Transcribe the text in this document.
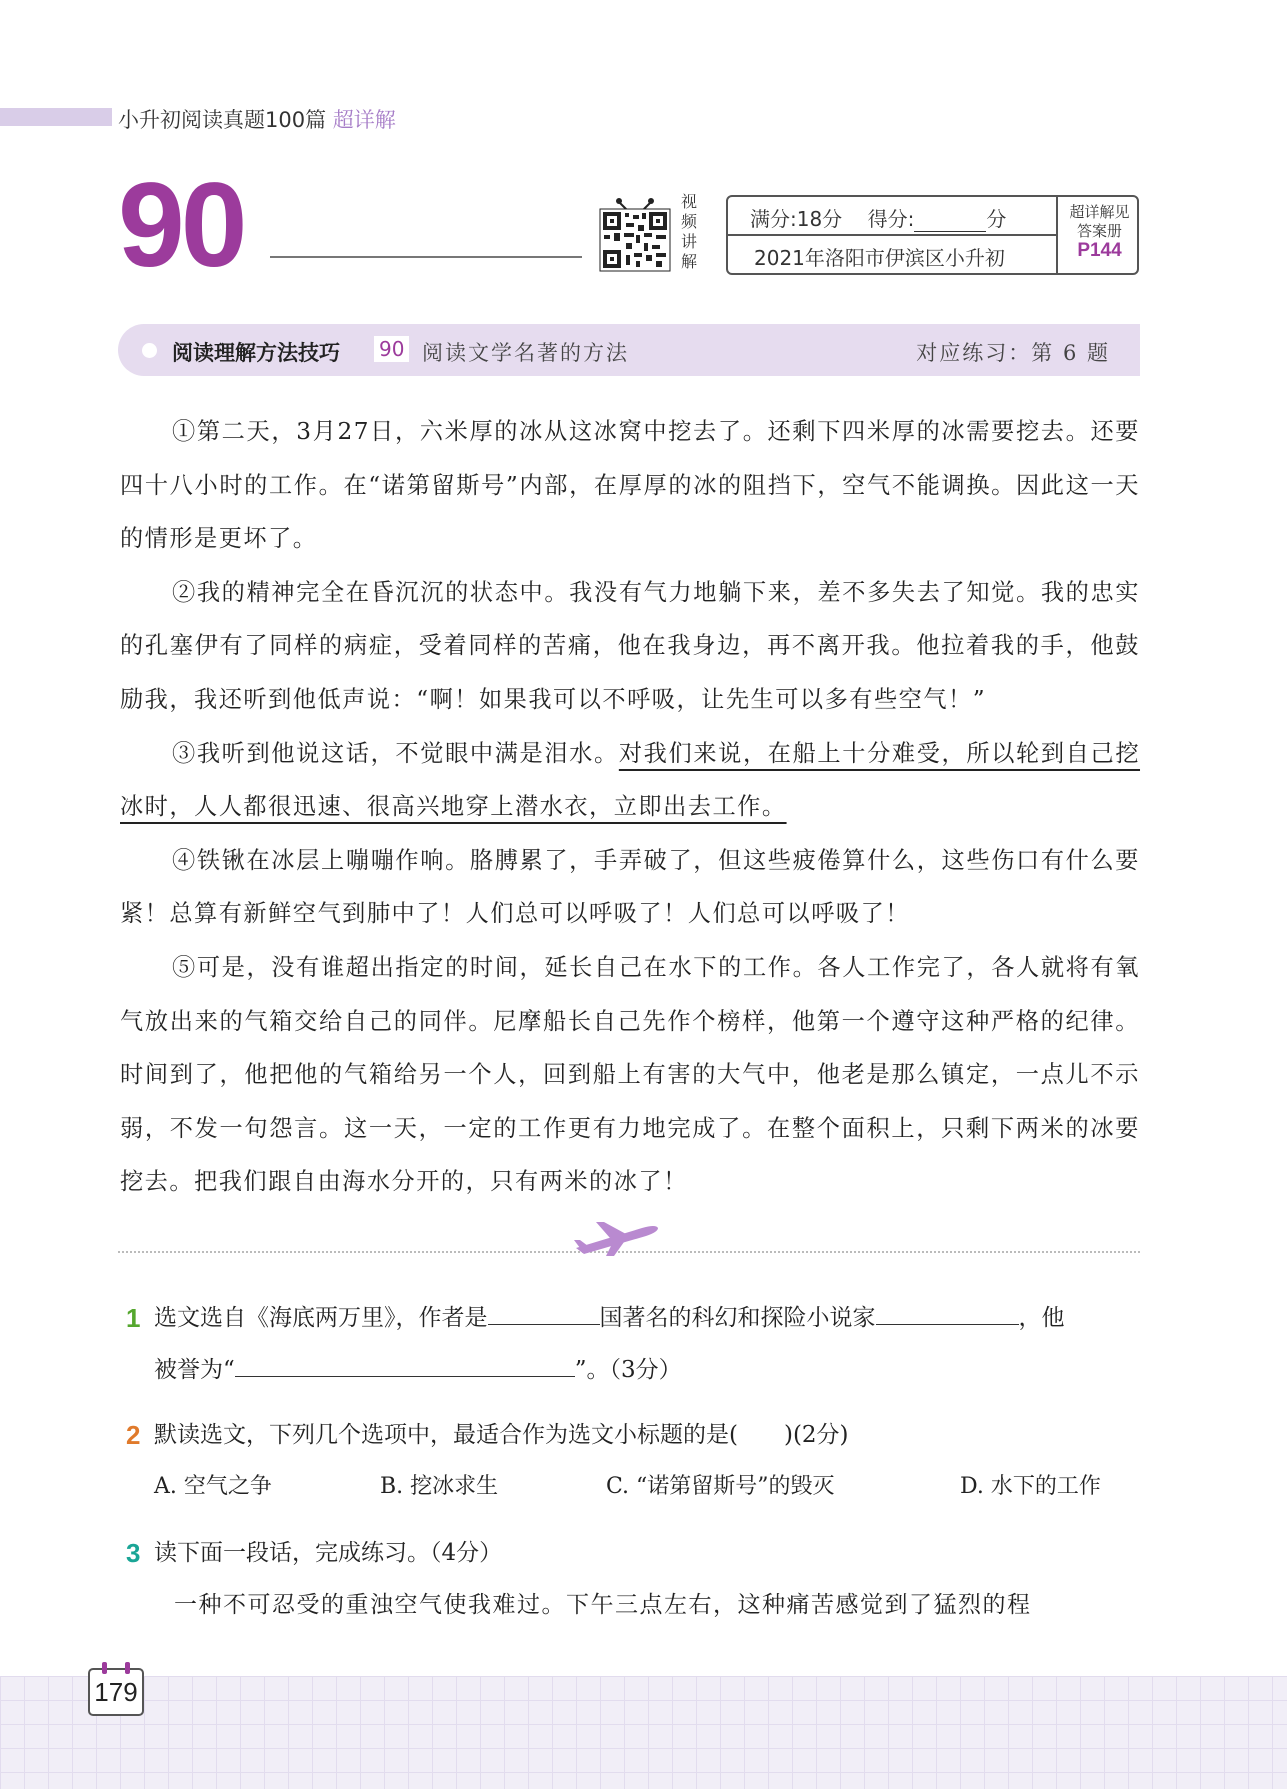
小升初阅读真题100篇 超详解
90	视
频
讲
解
满分:18分 得分:	分
2021年洛阳市伊滨区小升初
超详解见
答案册
P144
阅读理解方法技巧 90 阅读文学名著的方法	对应练习：第 6 题

①第二天，3月27日，六米厚的冰从这冰窝中挖去了。还剩下四米厚的冰需要挖去。还要四十八小时的工作。在“诺第留斯号”内部，在厚厚的冰的阻挡下，空气不能调换。因此这一天的情形是更坏了。

②我的精神完全在昏沉沉的状态中。我没有气力地躺下来，差不多失去了知觉。我的忠实的孔塞伊有了同样的病症，受着同样的苦痛，他在我身边，再不离开我。他拉着我的手，他鼓励我，我还听到他低声说：“啊！如果我可以不呼吸，让先生可以多有些空气！”

③我听到他说这话，不觉眼中满是泪水。对我们来说，在船上十分难受，所以轮到自己挖冰时，人人都很迅速、很高兴地穿上潜水衣，立即出去工作。

④铁锹在冰层上嘣嘣作响。胳膊累了，手弄破了，但这些疲倦算什么，这些伤口有什么要紧！总算有新鲜空气到肺中了！人们总可以呼吸了！人们总可以呼吸了！

⑤可是，没有谁超出指定的时间，延长自己在水下的工作。各人工作完了，各人就将有氧气放出来的气箱交给自己的同伴。尼摩船长自己先作个榜样，他第一个遵守这种严格的纪律。时间到了，他把他的气箱给另一个人，回到船上有害的大气中，他老是那么镇定，一点儿不示弱，不发一句怨言。这一天，一定的工作更有力地完成了。在整个面积上，只剩下两米的冰要挖去。把我们跟自由海水分开的，只有两米的冰了！

1 选文选自《海底两万里》，作者是	国著名的科幻和探险小说家	，他
被誉为“	”。（3分）
2 默读选文，下列几个选项中，最适合作为选文小标题的是(　　)(2分)
A. 空气之争	B. 挖冰求生	C. “诺第留斯号”的毁灭	D. 水下的工作
3 读下面一段话，完成练习。（4分）
一种不可忍受的重浊空气使我难过。下午三点左右，这种痛苦感觉到了猛烈的程
179
